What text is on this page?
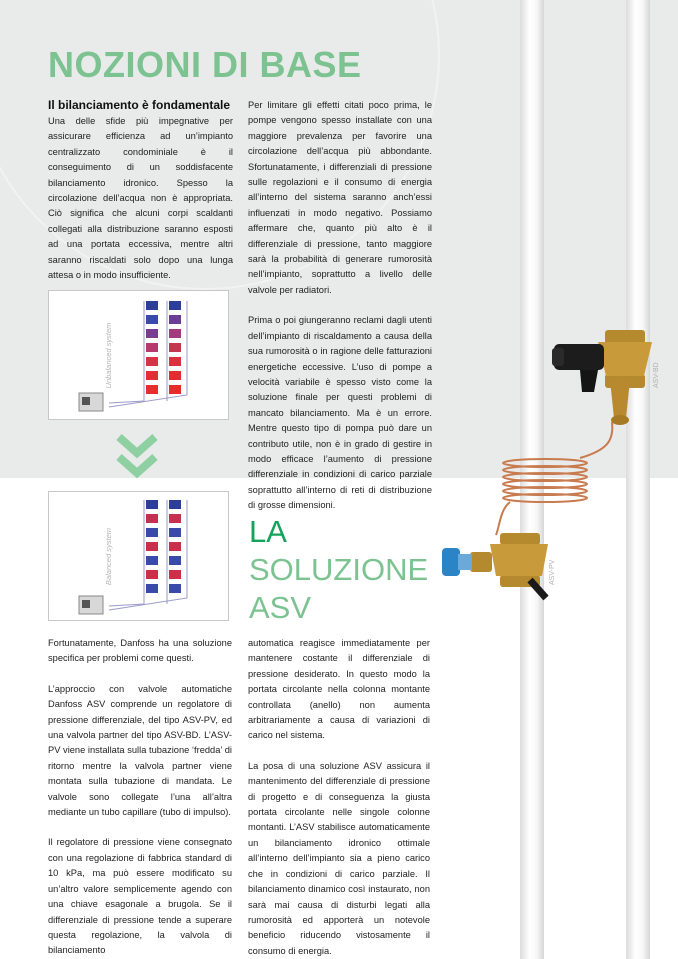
NOZIONI DI BASE
Il bilanciamento è fondamentale

Una delle sfide più impegnative per assicurare efficienza ad un’impianto centralizzato condominiale è il conseguimento di un soddisfacente bilanciamento idronico. Spesso la circolazione dell’acqua non è appropriata. Ciò significa che alcuni corpi scaldanti collegati alla distribuzione saranno esposti ad una portata eccessiva, mentre altri saranno riscaldati solo dopo una lunga attesa o in modo insufficiente.

Per limitare gli effetti citati poco prima, le pompe vengono spesso installate con una maggiore prevalenza per favorire una circolazione dell’acqua più abbondante. Sfortunatamente, i differenziali di pressione sulle regolazioni e il consumo di energia all’interno del sistema saranno anch’essi influenzati in modo negativo. Possiamo affermare che, quanto più alto è il differenziale di pressione, tanto maggiore sarà la probabilità di generare rumorosità nell’impianto, soprattutto a livello delle valvole per radiatori.

Prima o poi giungeranno reclami dagli utenti dell’impianto di riscaldamento a causa della sua rumorosità o in ragione delle fatturazioni energetiche eccessive. L’uso di pompe a velocità variabile è spesso visto come la soluzione finale per questi problemi di mancato bilanciamento. Ma è un errore. Mentre questo tipo di pompa può dare un contributo utile, non è in grado di gestire in modo efficace l’aumento di pressione differenziale in condizioni di carico parziale soprattutto all’interno di reti di distribuzione di grosse dimensioni.

Unbalanced system
Balanced system	LA
SOLUZIONE
ASV
ASV-BD
ASV-PV

Fortunatamente, Danfoss ha una soluzione specifica per problemi come questi.

L’approccio con valvole automatiche Danfoss ASV comprende un regolatore di pressione differenziale, del tipo ASV-PV, ed una valvola partner del tipo ASV-BD. L’ASV-PV viene installata sulla tubazione ‘fredda’ di ritorno mentre la valvola partner viene montata sulla tubazione di mandata. Le valvole sono collegate l’una all’altra mediante un tubo capillare (tubo di impulso).

Il regolatore di pressione viene consegnato con una regolazione di fabbrica standard di 10 kPa, ma può essere modificato su un’altro valore semplicemente agendo con una chiave esagonale a brugola. Se il differenziale di pressione tende a superare questa regolazione, la valvola di bilanciamento

automatica reagisce immediatamente per mantenere costante il differenziale di pressione desiderato. In questo modo la portata circolante nella colonna montante controllata (anello) non aumenta arbitrariamente a causa di variazioni di carico nel sistema.

La posa di una soluzione ASV assicura il mantenimento del differenziale di pressione di progetto e di conseguenza la giusta portata circolante nelle singole colonne montanti. L’ASV stabilisce automaticamente un bilanciamento idronico ottimale all’interno dell’impianto sia a pieno carico che in condizioni di carico parziale. Il bilanciamento dinamico così instaurato, non sarà mai causa di disturbi legati alla rumorosità ed apporterà un notevole beneficio riducendo vistosamente il consumo di energia.
